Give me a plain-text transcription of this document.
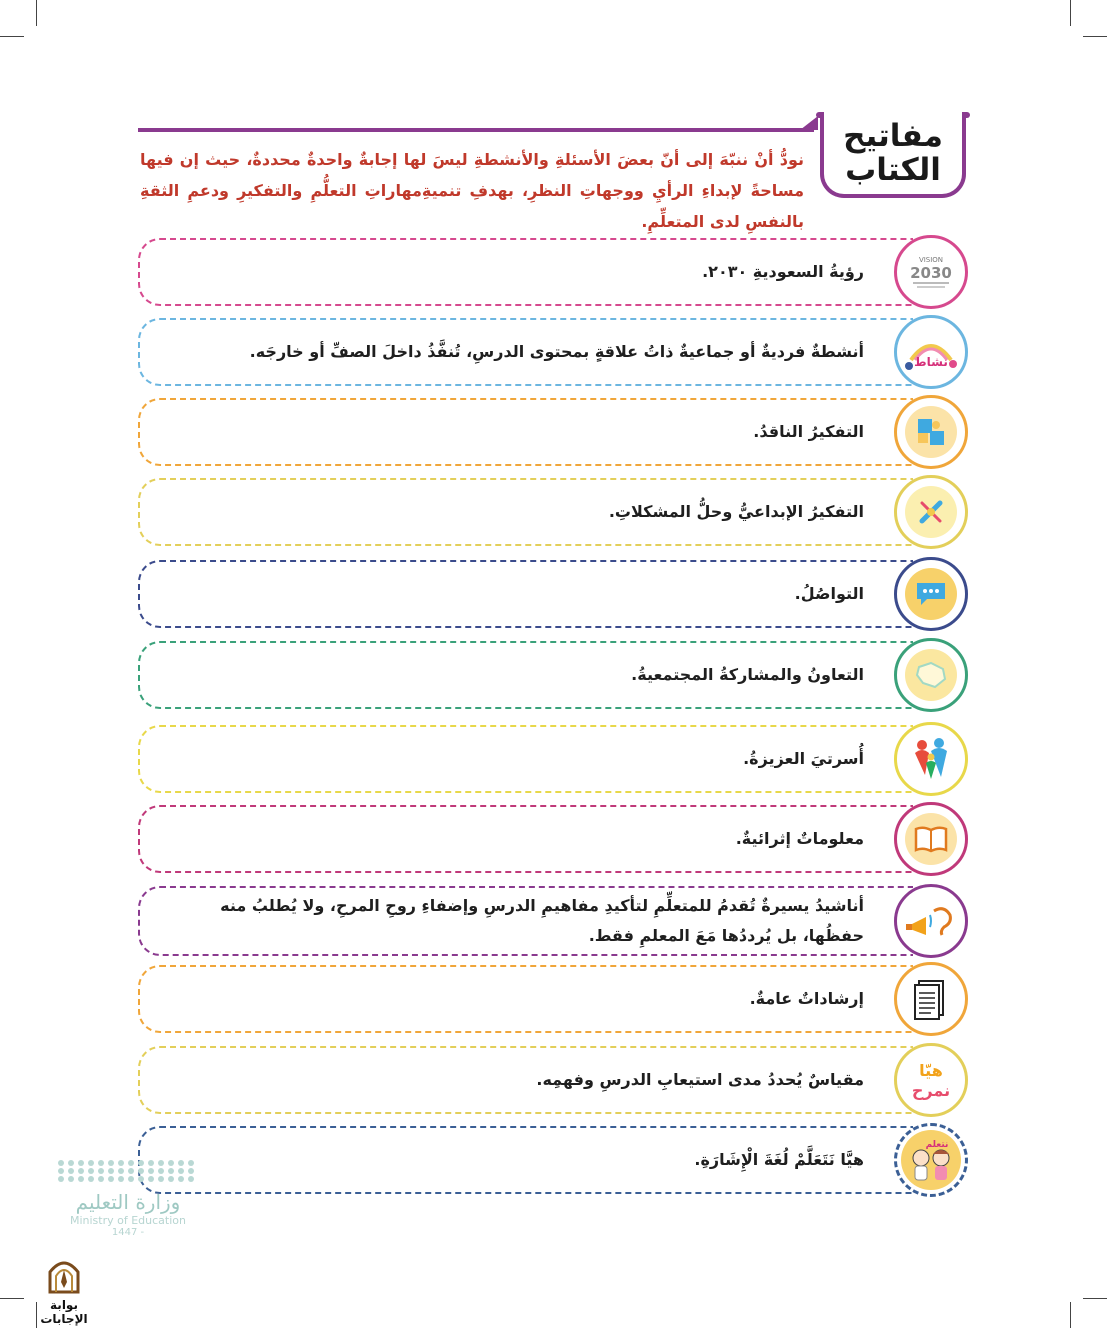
مفاتيح
الكتاب
نودُّ أنْ ننبّهَ إلى أنّ بعضَ الأسئلةِ والأنشطةِ ليسَ لها إجابةٌ واحدةٌ محددةٌ، حيث إن فيها مساحةً لإبداءِ الرأيِ ووجهاتِ النظرِ، بهدفِ تنميةِمهاراتِ التعلُّمِ والتفكيرِ ودعمِ الثقةِ بالنفسِ لدى المتعلِّمِ.
رؤيةُ السعوديةِ ٢٠٣٠.
VISION
2030
أنشطةٌ فرديةٌ أو جماعيةٌ ذاتُ علاقةٍ بمحتوى الدرسِ، تُنفَّذُ داخلَ الصفِّ أو خارجَه.
نشاط
التفكيرُ الناقدُ.
التفكيرُ الإبداعيُّ وحلُّ المشكلاتِ.
التواصُلُ.
التعاونُ والمشاركةُ المجتمعيةُ.
أُسرتيَ العزيزةُ.
معلوماتٌ إثرائيةٌ.
أناشيدُ يسيرةٌ تُقدمُ للمتعلِّمِ لتأكيدِ مفاهيمِ الدرسِ وإضفاءِ روحِ المرحِ، ولا يُطلبُ منه حفظُها، بل يُرددُها مَعَ المعلمِ فقط.
إرشاداتٌ عامةٌ.
مقياسٌ يُحددُ مدى استيعابِ الدرسِ وفهمِه.	هيّا
نمرح
هيَّا نَتَعَلَّمْ لُغَةَ الْإِشَارَةِ.
نتعلم
وزارة التعليم
Ministry of Education
1447 -
بوابة الإجابات
